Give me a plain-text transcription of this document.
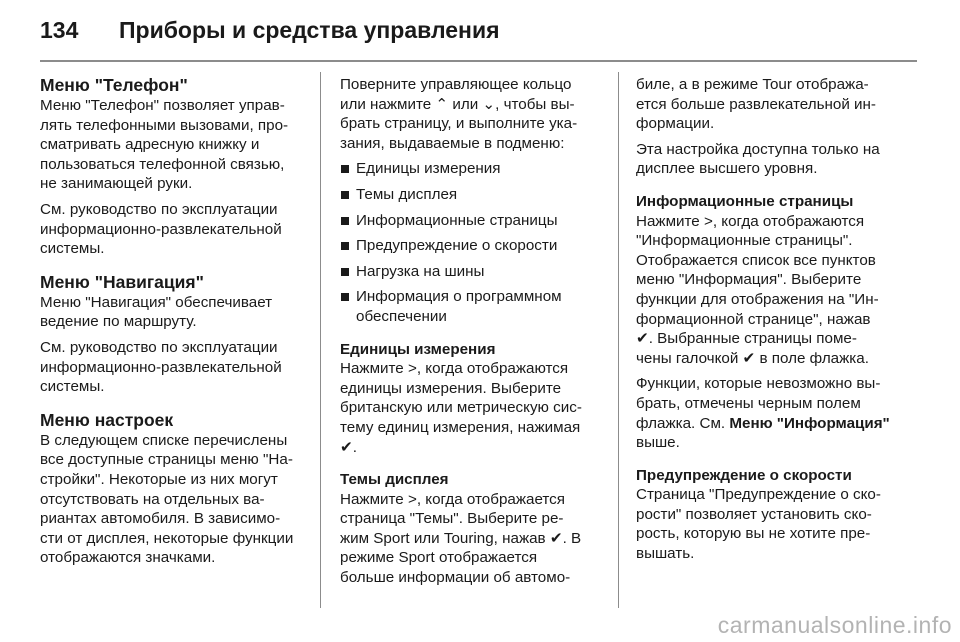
134 Приборы и средства управления
Меню "Телефон"

Меню "Телефон" позволяет управ-
лять телефонными вызовами, про-
сматривать адресную книжку и
пользоваться телефонной связью,
не занимающей руки.

См. руководство по эксплуатации
информационно-развлекательной
системы.

Меню "Навигация"

Меню "Навигация" обеспечивает
ведение по маршруту.

См. руководство по эксплуатации
информационно-развлекательной
системы.

Меню настроек

В следующем списке перечислены
все доступные страницы меню "На-
стройки". Некоторые из них могут
отсутствовать на отдельных ва-
риантах автомобиля. В зависимо-
сти от дисплея, некоторые функции
отображаются значками.

Поверните управляющее кольцо
или нажмите ⌃ или ⌄, чтобы вы-
брать страницу, и выполните ука-
зания, выдаваемые в подменю:

Единицы измерения
Темы дисплея
Информационные страницы
Предупреждение о скорости
Нагрузка на шины
Информация о программном
обеспечении
Единицы измерения

Нажмите >, когда отображаются
единицы измерения. Выберите
британскую или метрическую сис-
тему единиц измерения, нажимая
✔.

Темы дисплея

Нажмите >, когда отображается
страница "Темы". Выберите ре-
жим Sport или Touring, нажав ✔. В
режиме Sport отображается
больше информации об автомо-

биле, а в режиме Tour отобража-
ется больше развлекательной ин-
формации.

Эта настройка доступна только на
дисплее высшего уровня.

Информационные страницы

Нажмите >, когда отображаются
"Информационные страницы".
Отображается список все пунктов
меню "Информация". Выберите
функции для отображения на "Ин-
формационной странице", нажав
✔. Выбранные страницы поме-
чены галочкой ✔ в поле флажка.

Функции, которые невозможно вы-
брать, отмечены черным полем
флажка. См. Меню "Информация"
выше.

Предупреждение о скорости

Страница "Предупреждение о ско-
рости" позволяет установить ско-
рость, которую вы не хотите пре-
вышать.

carmanualsonline.info
